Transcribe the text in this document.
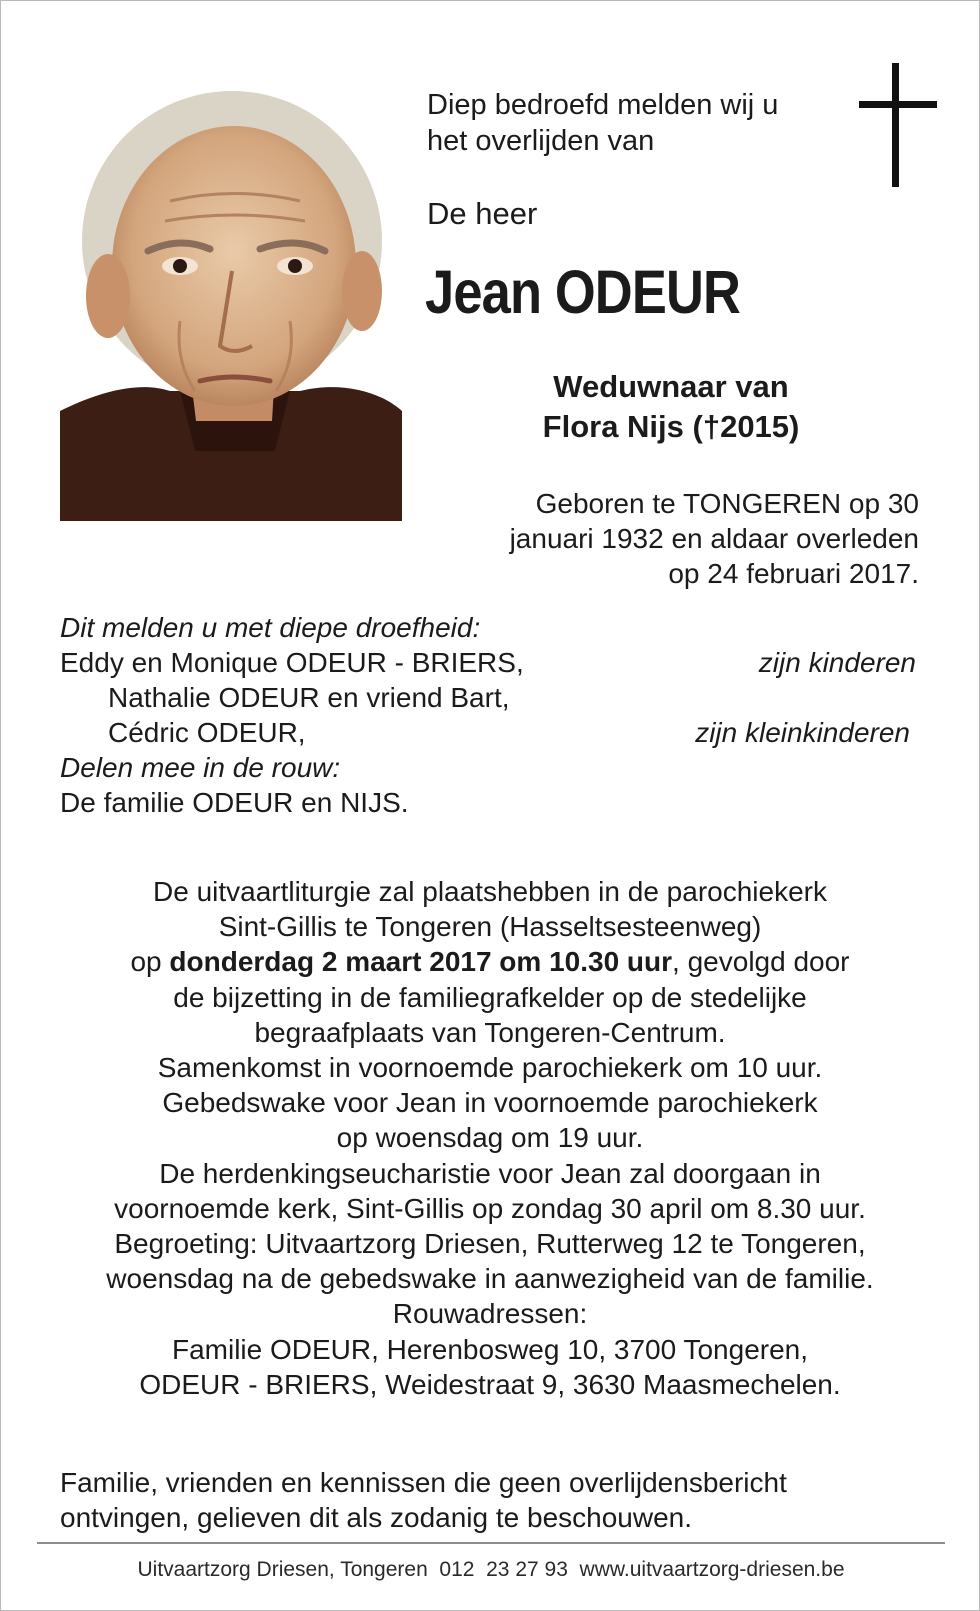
Diep bedroefd melden wij u
het overlijden van
De heer
Jean ODEUR
Weduwnaar van
Flora Nijs (†2015)
Geboren te TONGEREN op 30
januari 1932 en aldaar overleden
op 24 februari 2017.
Dit melden u met diepe droefheid:
Eddy en Monique ODEUR - BRIERS,	zijn kinderen
Nathalie ODEUR en vriend Bart,
Cédric ODEUR,	zijn kleinkinderen
Delen mee in de rouw:
De familie ODEUR en NIJS.
De uitvaartliturgie zal plaatshebben in de parochiekerk
Sint-Gillis te Tongeren (Hasseltsesteenweg)
op donderdag 2 maart 2017 om 10.30 uur, gevolgd door
de bijzetting in de familiegrafkelder op de stedelijke
begraafplaats van Tongeren-Centrum.
Samenkomst in voornoemde parochiekerk om 10 uur.
Gebedswake voor Jean in voornoemde parochiekerk
op woensdag om 19 uur.
De herdenkingseucharistie voor Jean zal doorgaan in
voornoemde kerk, Sint-Gillis op zondag 30 april om 8.30 uur.
Begroeting: Uitvaartzorg Driesen, Rutterweg 12 te Tongeren,
woensdag na de gebedswake in aanwezigheid van de familie.
Rouwadressen:
Familie ODEUR, Herenbosweg 10, 3700 Tongeren,
ODEUR - BRIERS, Weidestraat 9, 3630 Maasmechelen.
Familie, vrienden en kennissen die geen overlijdensbericht
ontvingen, gelieven dit als zodanig te beschouwen.
Uitvaartzorg Driesen, Tongeren  012  23 27 93  www.uitvaartzorg-driesen.be
